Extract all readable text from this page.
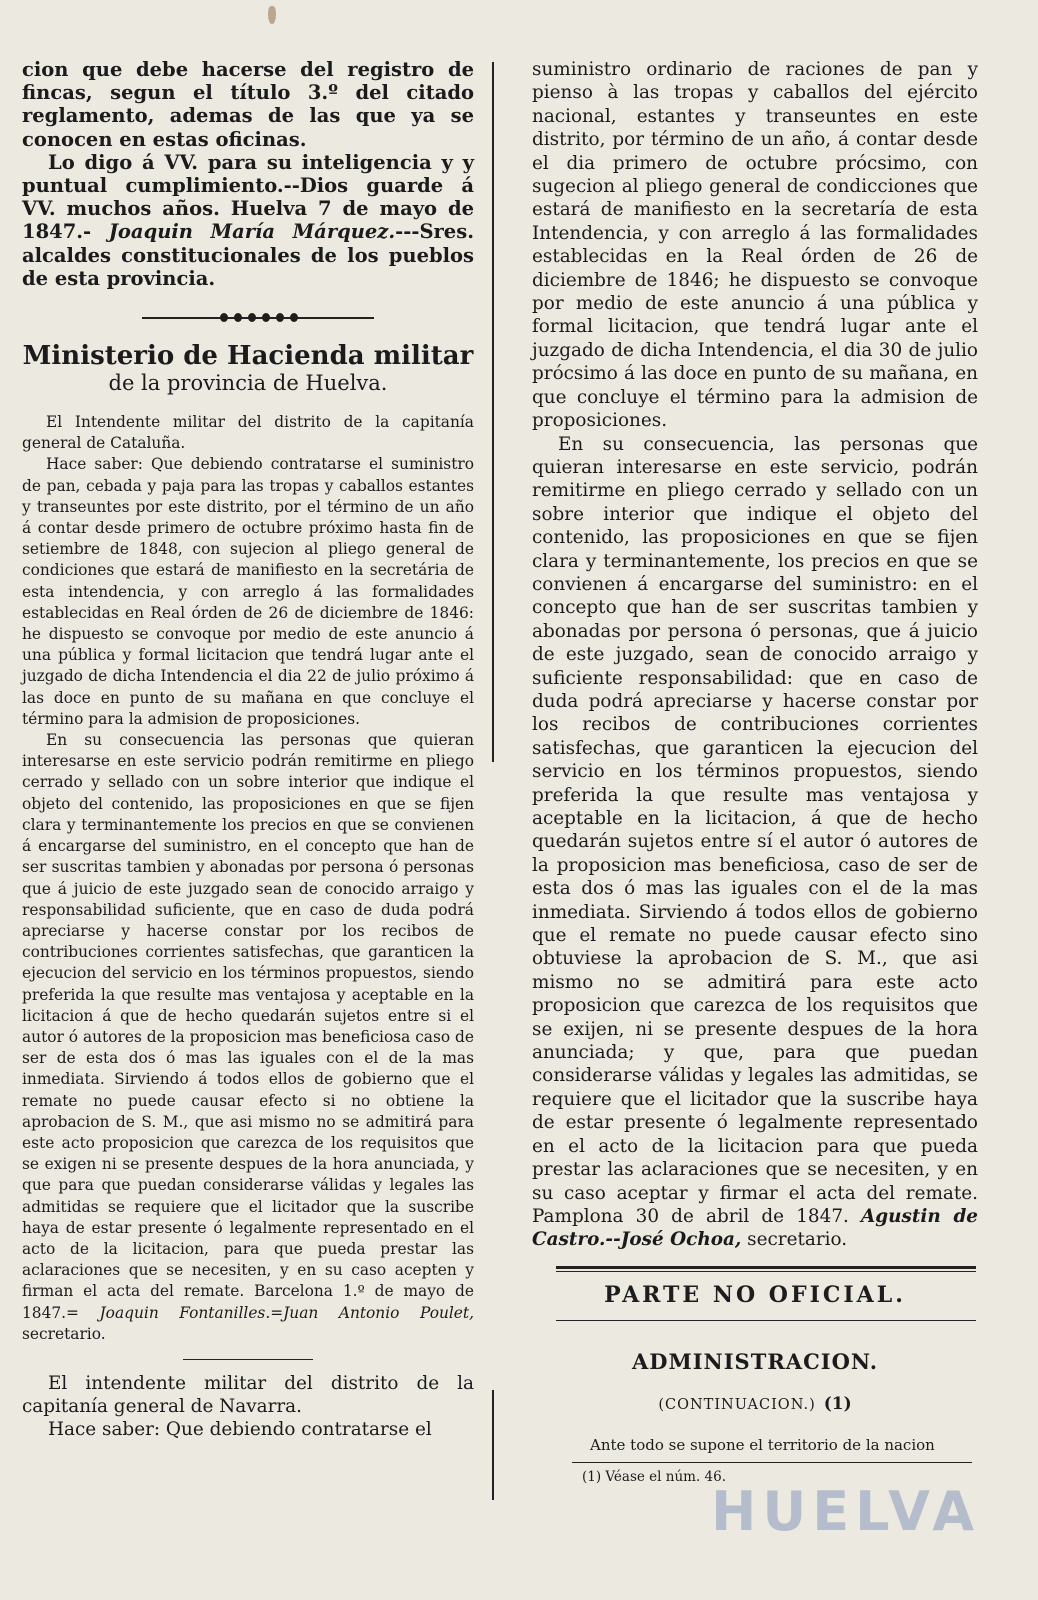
cion que debe hacerse del registro de fincas, segun el título 3.º del citado reglamento, ademas de las que ya se conocen en estas oficinas.

Lo digo á VV. para su inteligencia y y puntual cumplimiento.--Dios guarde á VV. muchos años. Huelva 7 de mayo de 1847.- Joaquin María Márquez.---Sres. alcaldes constitucionales de los pueblos de esta provincia.

Ministerio de Hacienda militar
de la provincia de Huelva.

El Intendente militar del distrito de la capitanía general de Cataluña.

Hace saber: Que debiendo contratarse el suministro de pan, cebada y paja para las tropas y caballos estantes y transeuntes por este distrito, por el término de un año á contar desde primero de octubre próximo hasta fin de setiembre de 1848, con sujecion al pliego general de condiciones que estará de manifiesto en la secretária de esta intendencia, y con arreglo á las formalidades establecidas en Real órden de 26 de diciembre de 1846: he dispuesto se convoque por medio de este anuncio á una pública y formal licitacion que tendrá lugar ante el juzgado de dicha Intendencia el dia 22 de julio próximo á las doce en punto de su mañana en que concluye el término para la admision de proposiciones.

En su consecuencia las personas que quieran interesarse en este servicio podrán remitirme en pliego cerrado y sellado con un sobre interior que indique el objeto del contenido, las proposiciones en que se fijen clara y terminantemente los precios en que se convienen á encargarse del suministro, en el concepto que han de ser suscritas tambien y abonadas por persona ó personas que á juicio de este juzgado sean de conocido arraigo y responsabilidad suficiente, que en caso de duda podrá apreciarse y hacerse constar por los recibos de contribuciones corrientes satisfechas, que garanticen la ejecucion del servicio en los términos propuestos, siendo preferida la que resulte mas ventajosa y aceptable en la licitacion á que de hecho quedarán sujetos entre si el autor ó autores de la proposicion mas beneficiosa caso de ser de esta dos ó mas las iguales con el de la mas inmediata. Sirviendo á todos ellos de gobierno que el remate no puede causar efecto si no obtiene la aprobacion de S. M., que asi mismo no se admitirá para este acto proposicion que carezca de los requisitos que se exigen ni se presente despues de la hora anunciada, y que para que puedan considerarse válidas y legales las admitidas se requiere que el licitador que la suscribe haya de estar presente ó legalmente representado en el acto de la licitacion, para que pueda prestar las aclaraciones que se necesiten, y en su caso acepten y firman el acta del remate. Barcelona 1.º de mayo de 1847.= Joaquin Fontanilles.=Juan Antonio Poulet, secretario.

El intendente militar del distrito de la capitanía general de Navarra.

Hace saber: Que debiendo contratarse el

suministro ordinario de raciones de pan y pienso à las tropas y caballos del ejército nacional, estantes y transeuntes en este distrito, por término de un año, á contar desde el dia primero de octubre prócsimo, con sugecion al pliego general de condicciones que estará de manifiesto en la secretaría de esta Intendencia, y con arreglo á las formalidades establecidas en la Real órden de 26 de diciembre de 1846; he dispuesto se convoque por medio de este anuncio á una pública y formal licitacion, que tendrá lugar ante el juzgado de dicha Intendencia, el dia 30 de julio prócsimo á las doce en punto de su mañana, en que concluye el término para la admision de proposiciones.

En su consecuencia, las personas que quieran interesarse en este servicio, podrán remitirme en pliego cerrado y sellado con un sobre interior que indique el objeto del contenido, las proposiciones en que se fijen clara y terminantemente, los precios en que se convienen á encargarse del suministro: en el concepto que han de ser suscritas tambien y abonadas por persona ó personas, que á juicio de este juzgado, sean de conocido arraigo y suficiente responsabilidad: que en caso de duda podrá apreciarse y hacerse constar por los recibos de contribuciones corrientes satisfechas, que garanticen la ejecucion del servicio en los términos propuestos, siendo preferida la que resulte mas ventajosa y aceptable en la licitacion, á que de hecho quedarán sujetos entre sí el autor ó autores de la proposicion mas beneficiosa, caso de ser de esta dos ó mas las iguales con el de la mas inmediata. Sirviendo á todos ellos de gobierno que el remate no puede causar efecto sino obtuviese la aprobacion de S. M., que asi mismo no se admitirá para este acto proposicion que carezca de los requisitos que se exijen, ni se presente despues de la hora anunciada; y que, para que puedan considerarse válidas y legales las admitidas, se requiere que el licitador que la suscribe haya de estar presente ó legalmente representado en el acto de la licitacion para que pueda prestar las aclaraciones que se necesiten, y en su caso aceptar y firmar el acta del remate. Pamplona 30 de abril de 1847. Agustin de Castro.--José Ochoa, secretario.

PARTE NO OFICIAL.
ADMINISTRACION.
(CONTINUACION.) (1)

Ante todo se supone el territorio de la nacion

(1) Véase el núm. 46.

HUELVA
